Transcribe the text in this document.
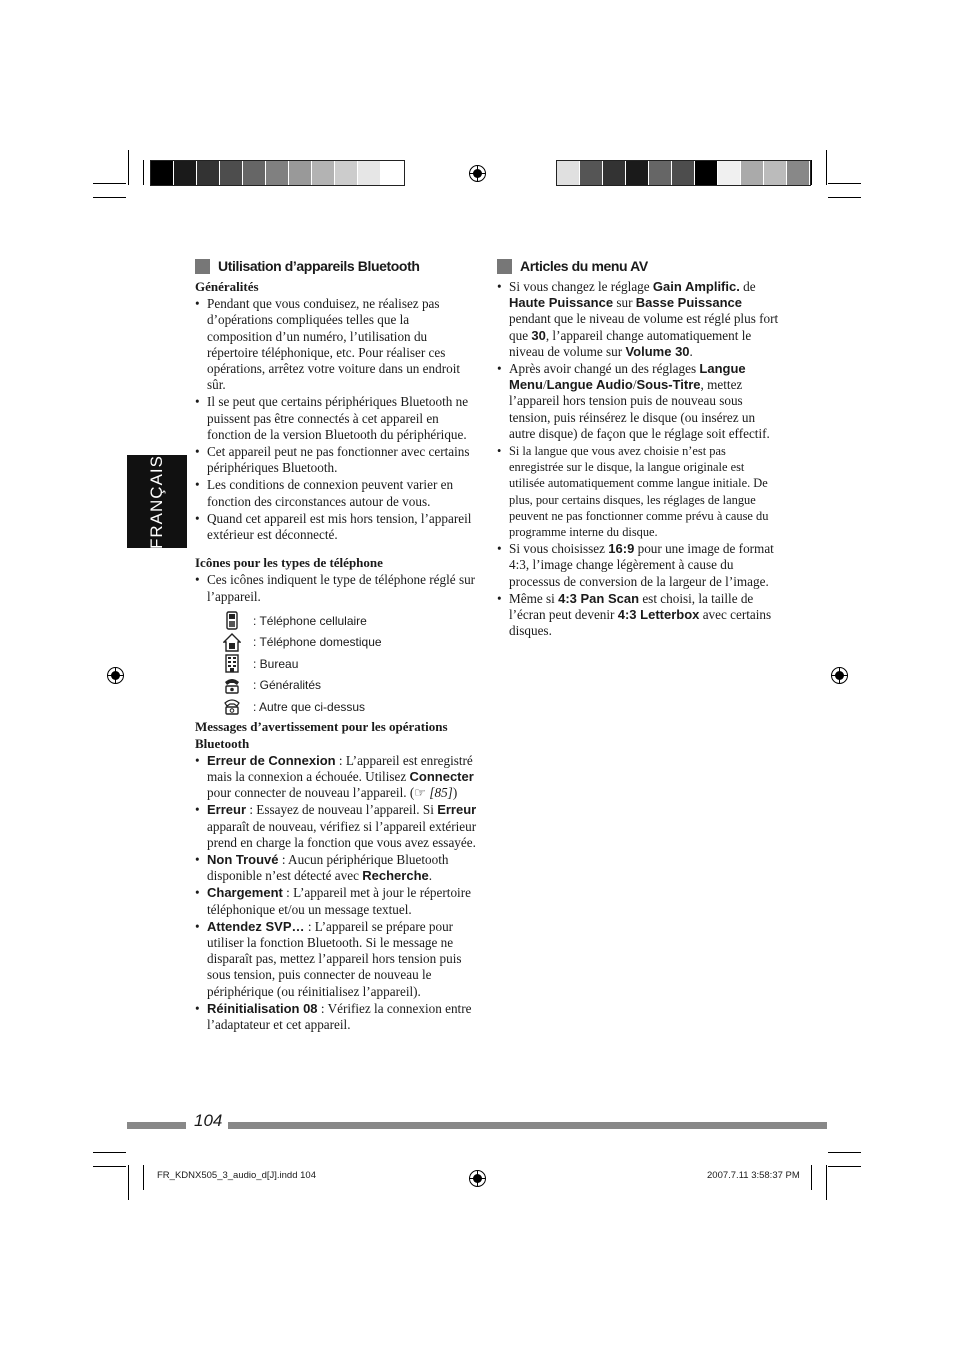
FRANÇAIS
Utilisation d’appareils Bluetooth
Généralités
• Pendant que vous conduisez, ne réalisez pas d’opérations compliquées telles que la composition d’un numéro, l’utilisation du répertoire téléphonique, etc. Pour réaliser ces opérations, arrêtez votre voiture dans un endroit sûr.
• Il se peut que certains périphériques Bluetooth ne puissent pas être connectés à cet appareil en fonction de la version Bluetooth du périphérique.
• Cet appareil peut ne pas fonctionner avec certains périphériques Bluetooth.
• Les conditions de connexion peuvent varier en fonction des circonstances autour de vous.
• Quand cet appareil est mis hors tension, l’appareil extérieur est déconnecté.
Icônes pour les types de téléphone
• Ces icônes indiquent le type de téléphone réglé sur l’appareil.
: Téléphone cellulaire
: Téléphone domestique
: Bureau
: Généralités
: Autre que ci-dessus
Messages d’avertissement pour les opérations Bluetooth
• Erreur de Connexion : L’appareil est enregistré mais la connexion a échouée. Utilisez Connecter pour connecter de nouveau l’appareil. (☞ [85])
• Erreur : Essayez de nouveau l’appareil. Si Erreur apparaît de nouveau, vérifiez si l’appareil extérieur prend en charge la fonction que vous avez essayée.
• Non Trouvé : Aucun périphérique Bluetooth disponible n’est détecté avec Recherche.
• Chargement : L’appareil met à jour le répertoire téléphonique et/ou un message textuel.
• Attendez SVP… : L’appareil se prépare pour utiliser la fonction Bluetooth. Si le message ne disparaît pas, mettez l’appareil hors tension puis sous tension, puis connecter de nouveau le périphérique (ou réinitialisez l’appareil).
• Réinitialisation 08 : Vérifiez la connexion entre l’adaptateur et cet appareil.
Articles du menu AV
• Si vous changez le réglage Gain Amplific. de Haute Puissance sur Basse Puissance pendant que le niveau de volume est réglé plus fort que 30, l’appareil change automatiquement le niveau de volume sur Volume 30.
• Après avoir changé un des réglages Langue Menu/Langue Audio/Sous-Titre, mettez l’appareil hors tension puis de nouveau sous tension, puis réinsérez le disque (ou insérez un autre disque) de façon que le réglage soit effectif.
• Si la langue que vous avez choisie n’est pas enregistrée sur le disque, la langue originale est utilisée automatiquement comme langue initiale. De plus, pour certains disques, les réglages de langue peuvent ne pas fonctionner comme prévu à cause du programme interne du disque.
• Si vous choisissez 16:9 pour une image de format 4:3, l’image change légèrement à cause du processus de conversion de la largeur de l’image.
• Même si 4:3 Pan Scan est choisi, la taille de l’écran peut devenir 4:3 Letterbox avec certains disques.
104
FR_KDNX505_3_audio_d[J].indd 104	2007.7.11 3:58:37 PM
